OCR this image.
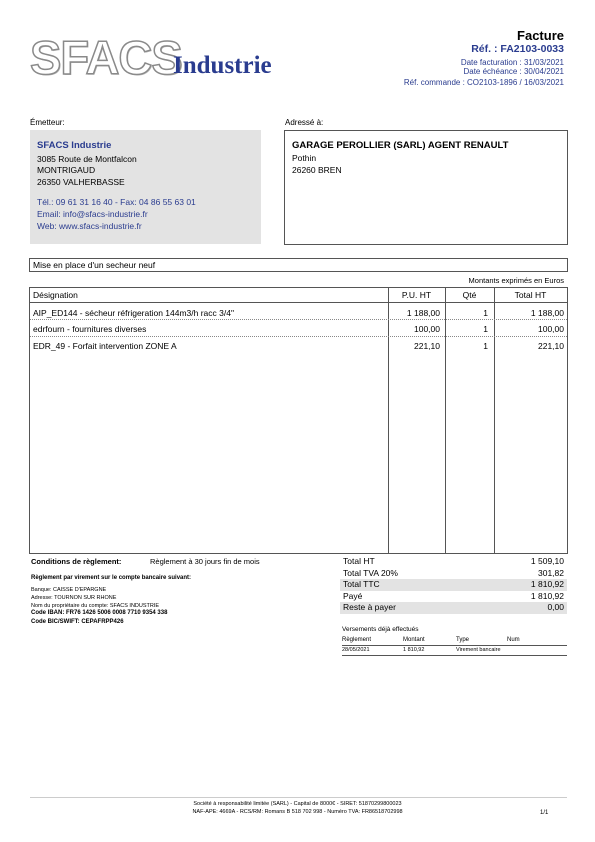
SFACS
Industrie
Facture
Réf. : FA2103-0033
Date facturation : 31/03/2021
Date échéance : 30/04/2021
Réf. commande : CO2103-1896 / 16/03/2021
Émetteur:	Adressé à:
SFACS Industrie
3085 Route de Montfalcon
MONTRIGAUD
26350 VALHERBASSE
Tél.: 09 61 31 16 40 - Fax: 04 86 55 63 01
Email: info@sfacs-industrie.fr
Web: www.sfacs-industrie.fr
GARAGE PEROLLIER (SARL) AGENT RENAULT
Pothin
26260 BREN
Mise en place d'un secheur neuf
Montants exprimés en Euros
Désignation	P.U. HT	Qté	Total HT
AIP_ED144 - sécheur réfrigeration 144m3/h racc 3/4"	1 188,00	1	1 188,00
edrfourn - fournitures diverses	100,00	1	100,00
EDR_49 - Forfait intervention ZONE A	221,10	1	221,10
Conditions de règlement:	Règlement à 30 jours fin de mois
Règlement par virement sur le compte bancaire suivant:
Banque: CAISSE D'EPARGNE
Adresse: TOURNON SUR RHONE
Nom du propriétaire du compte: SFACS INDUSTRIE
Code IBAN: FR76 1426 5006 0008 7710 9354 338
Code BIC/SWIFT: CEPAFRPP426
Total HT	1 509,10
Total TVA 20%	301,82
Total TTC	1 810,92
Payé	1 810,92
Reste à payer	0,00
Versements déjà effectués
Règlement	Montant	Type	Num
28/05/2021	1 810,92	Virement bancaire
Société à responsabilité limitée (SARL) - Capital de 8000€ - SIRET: 51870299800023
NAF-APE: 4669A - RCS/RM: Romans B 518 702 998 - Numéro TVA: FR86518702998	1/1
